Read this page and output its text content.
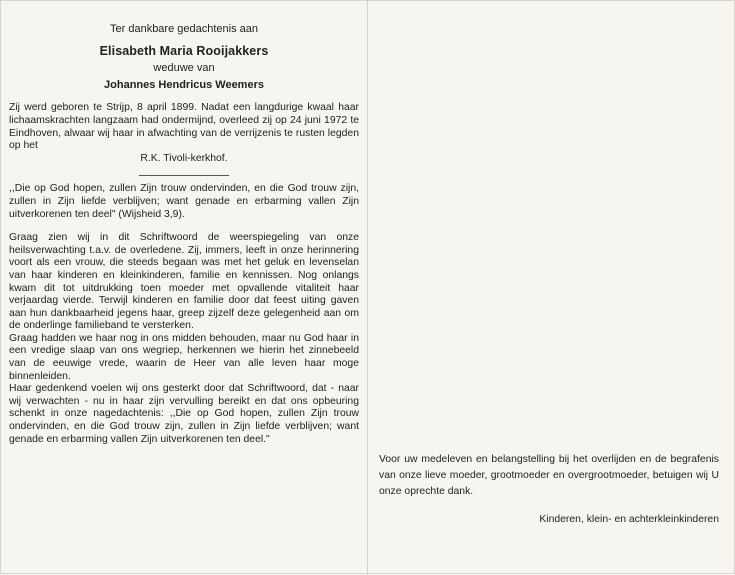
Ter dankbare gedachtenis aan
Elisabeth Maria Rooijakkers
weduwe van
Johannes Hendricus Weemers

Zij werd geboren te Strijp, 8 april 1899. Nadat een langdurige kwaal haar lichaamskrachten langzaam had ondermijnd, overleed zij op 24 juni 1972 te Eindhoven, alwaar wij haar in afwachting van de verrijzenis te rusten legden op het

R.K. Tivoli-kerkhof.

,,Die op God hopen, zullen Zijn trouw ondervinden, en die God trouw zijn, zullen in Zijn liefde verblijven; want genade en erbarming vallen Zijn uitverkorenen ten deel" (Wijsheid 3,9).

Graag zien wij in dit Schriftwoord de weerspiegeling van onze heilsverwachting t.a.v. de overledene. Zij, immers, leeft in onze herinnering voort als een vrouw, die steeds begaan was met het geluk en levenselan van haar kinderen en kleinkinderen, familie en kennissen. Nog onlangs kwam dit tot uitdrukking toen moeder met opvallende vitaliteit haar verjaardag vierde. Terwijl kinderen en familie door dat feest uiting gaven aan hun dankbaarheid jegens haar, greep zijzelf deze gelegenheid aan om de onderlinge familieband te versterken.

Graag hadden we haar nog in ons midden behouden, maar nu God haar in een vredige slaap van ons wegriep, herkennen we hierin het zinnebeeld van de eeuwige vrede, waarin de Heer van alle leven haar moge binnenleiden.

Haar gedenkend voelen wij ons gesterkt door dat Schriftwoord, dat - naar wij verwachten - nu in haar zijn vervulling bereikt en dat ons opbeuring schenkt in onze nagedachtenis: ,,Die op God hopen, zullen Zijn trouw ondervinden, en die God trouw zijn, zullen in Zijn liefde verblijven; want genade en erbarming vallen Zijn uitverkorenen ten deel."

Voor uw medeleven en belangstelling bij het overlijden en de begrafenis van onze lieve moeder, grootmoeder en overgrootmoeder, betuigen wij U onze oprechte dank.

Kinderen, klein- en achterkleinkinderen
